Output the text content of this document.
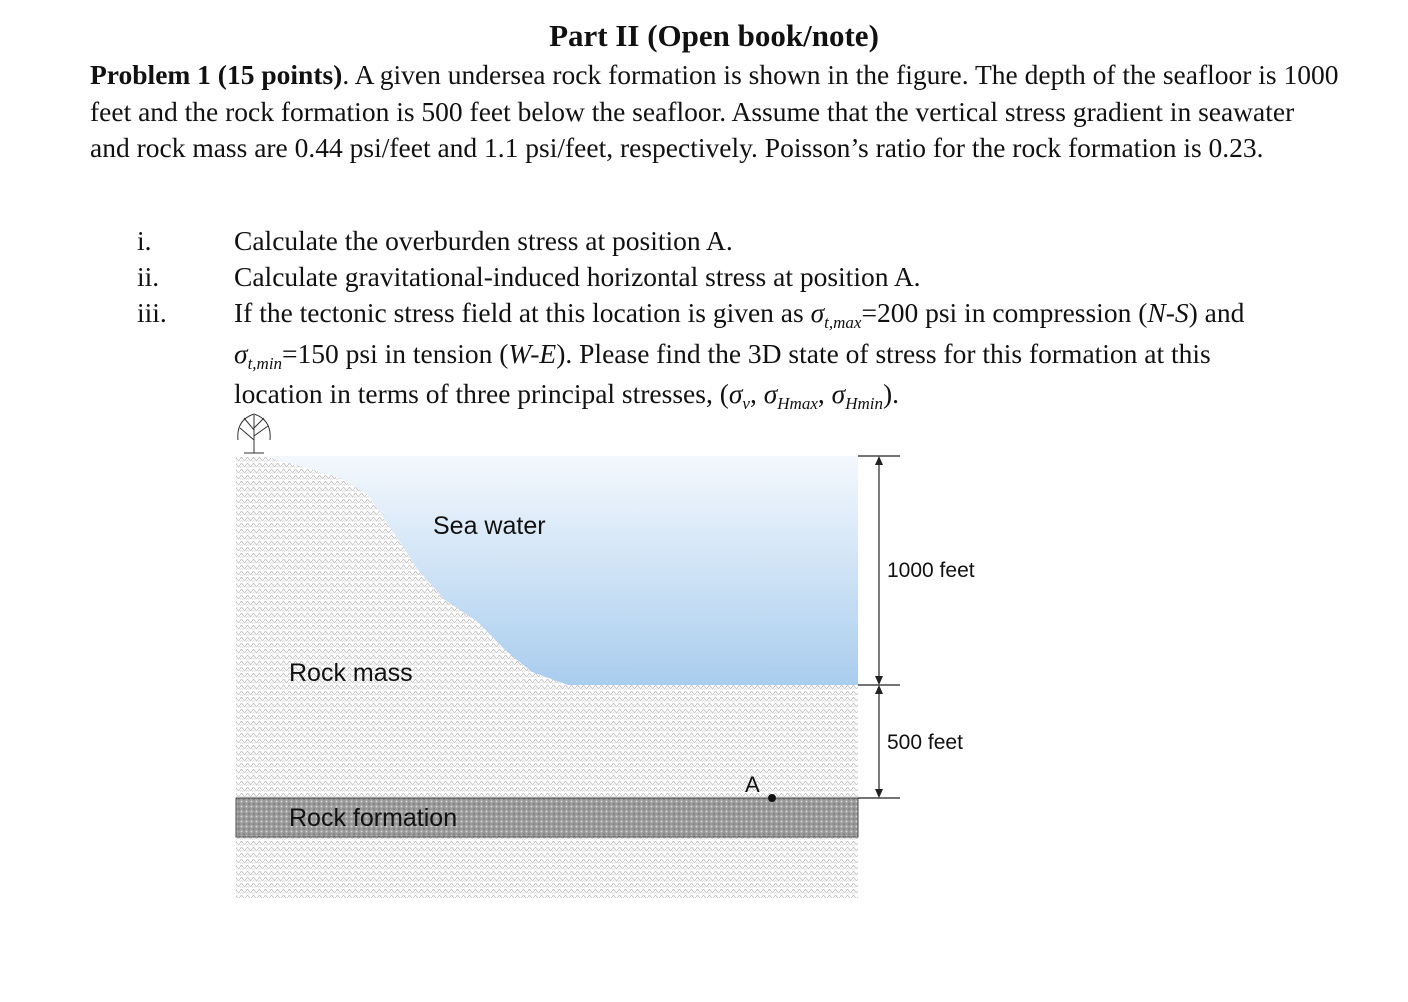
Part II (Open book/note)
Problem 1 (15 points). A given undersea rock formation is shown in the figure. The depth of the seafloor is 1000 feet and the rock formation is 500 feet below the seafloor. Assume that the vertical stress gradient in seawater and rock mass are 0.44 psi/feet and 1.1 psi/feet, respectively. Poisson’s ratio for the rock formation is 0.23.
i.	Calculate the overburden stress at position A.
ii.	Calculate gravitational-induced horizontal stress at position A.
iii. If the tectonic stress field at this location is given as $\sigma_{t,max}=200$ psi in compression (N-S) and
$\sigma_{t,min}=150$ psi in tension (W-E). Please find the 3D state of stress for this formation at this
location in terms of three principal stresses, ($\sigma_v$, $\sigma_{Hmax}$, $\sigma_{Hmin}$).
Sea water
Rock mass
Rock formation
A
1000 feet
500 feet
